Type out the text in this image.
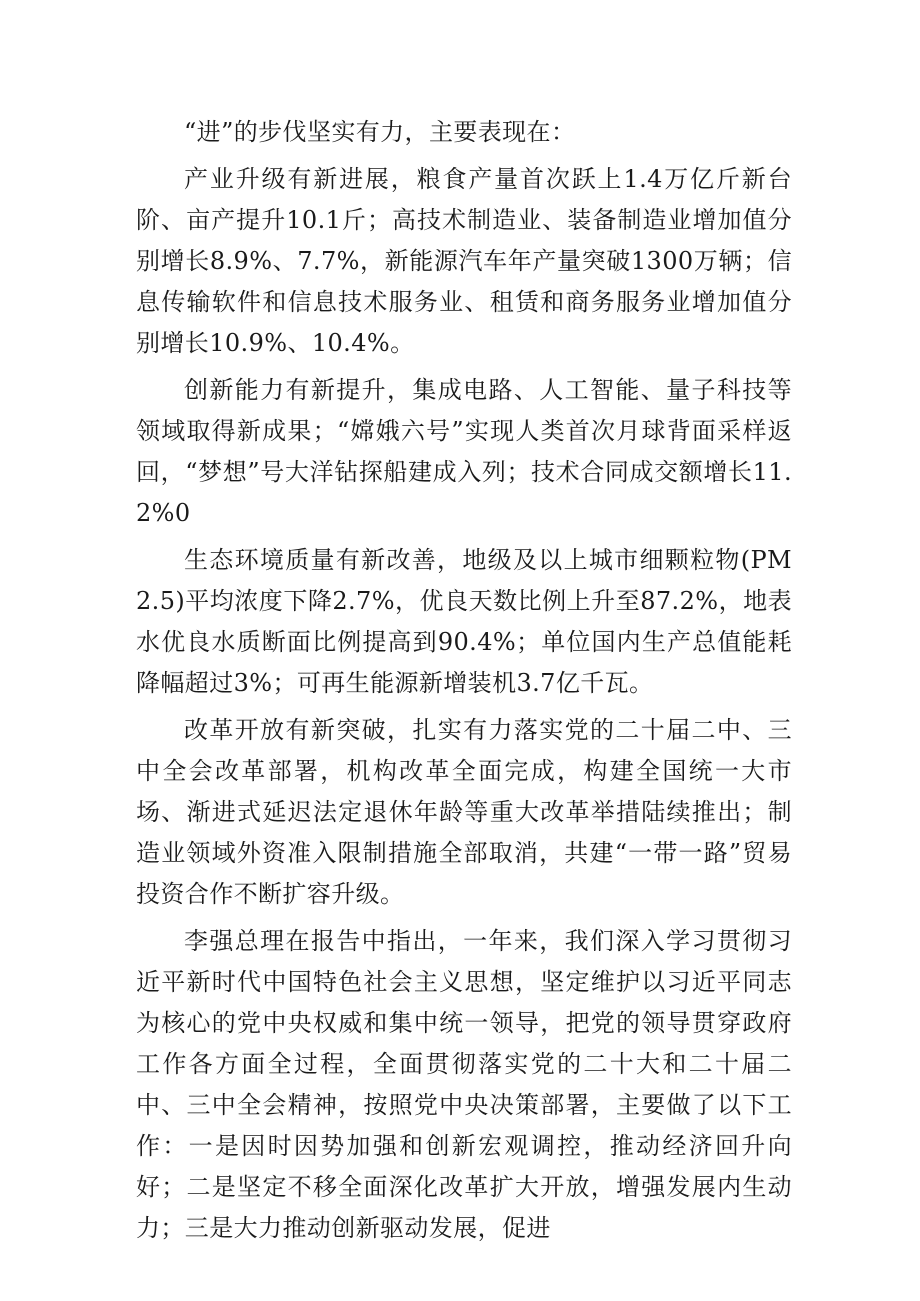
“进”的步伐坚实有力，主要表现在：

产业升级有新进展，粮食产量首次跃上1.4万亿斤新台阶、亩产提升10.1斤；高技术制造业、装备制造业增加值分别增长8.9%、7.7%，新能源汽车年产量突破1300万辆；信息传输软件和信息技术服务业、租赁和商务服务业增加值分别增长10.9%、10.4%。

创新能力有新提升，集成电路、人工智能、量子科技等领域取得新成果；“嫦娥六号”实现人类首次月球背面采样返回，“梦想”号大洋钻探船建成入列；技术合同成交额增长11.2%0

生态环境质量有新改善，地级及以上城市细颗粒物(PM2.5)平均浓度下降2.7%，优良天数比例上升至87.2%，地表水优良水质断面比例提高到90.4%；单位国内生产总值能耗降幅超过3%；可再生能源新增装机3.7亿千瓦。

改革开放有新突破，扎实有力落实党的二十届二中、三中全会改革部署，机构改革全面完成，构建全国统一大市场、渐进式延迟法定退休年龄等重大改革举措陆续推出；制造业领域外资准入限制措施全部取消，共建“一带一路”贸易投资合作不断扩容升级。

李强总理在报告中指出，一年来，我们深入学习贯彻习近平新时代中国特色社会主义思想，坚定维护以习近平同志为核心的党中央权威和集中统一领导，把党的领导贯穿政府工作各方面全过程，全面贯彻落实党的二十大和二十届二中、三中全会精神，按照党中央决策部署，主要做了以下工作：一是因时因势加强和创新宏观调控，推动经济回升向好；二是坚定不移全面深化改革扩大开放，增强发展内生动力；三是大力推动创新驱动发展，促进
